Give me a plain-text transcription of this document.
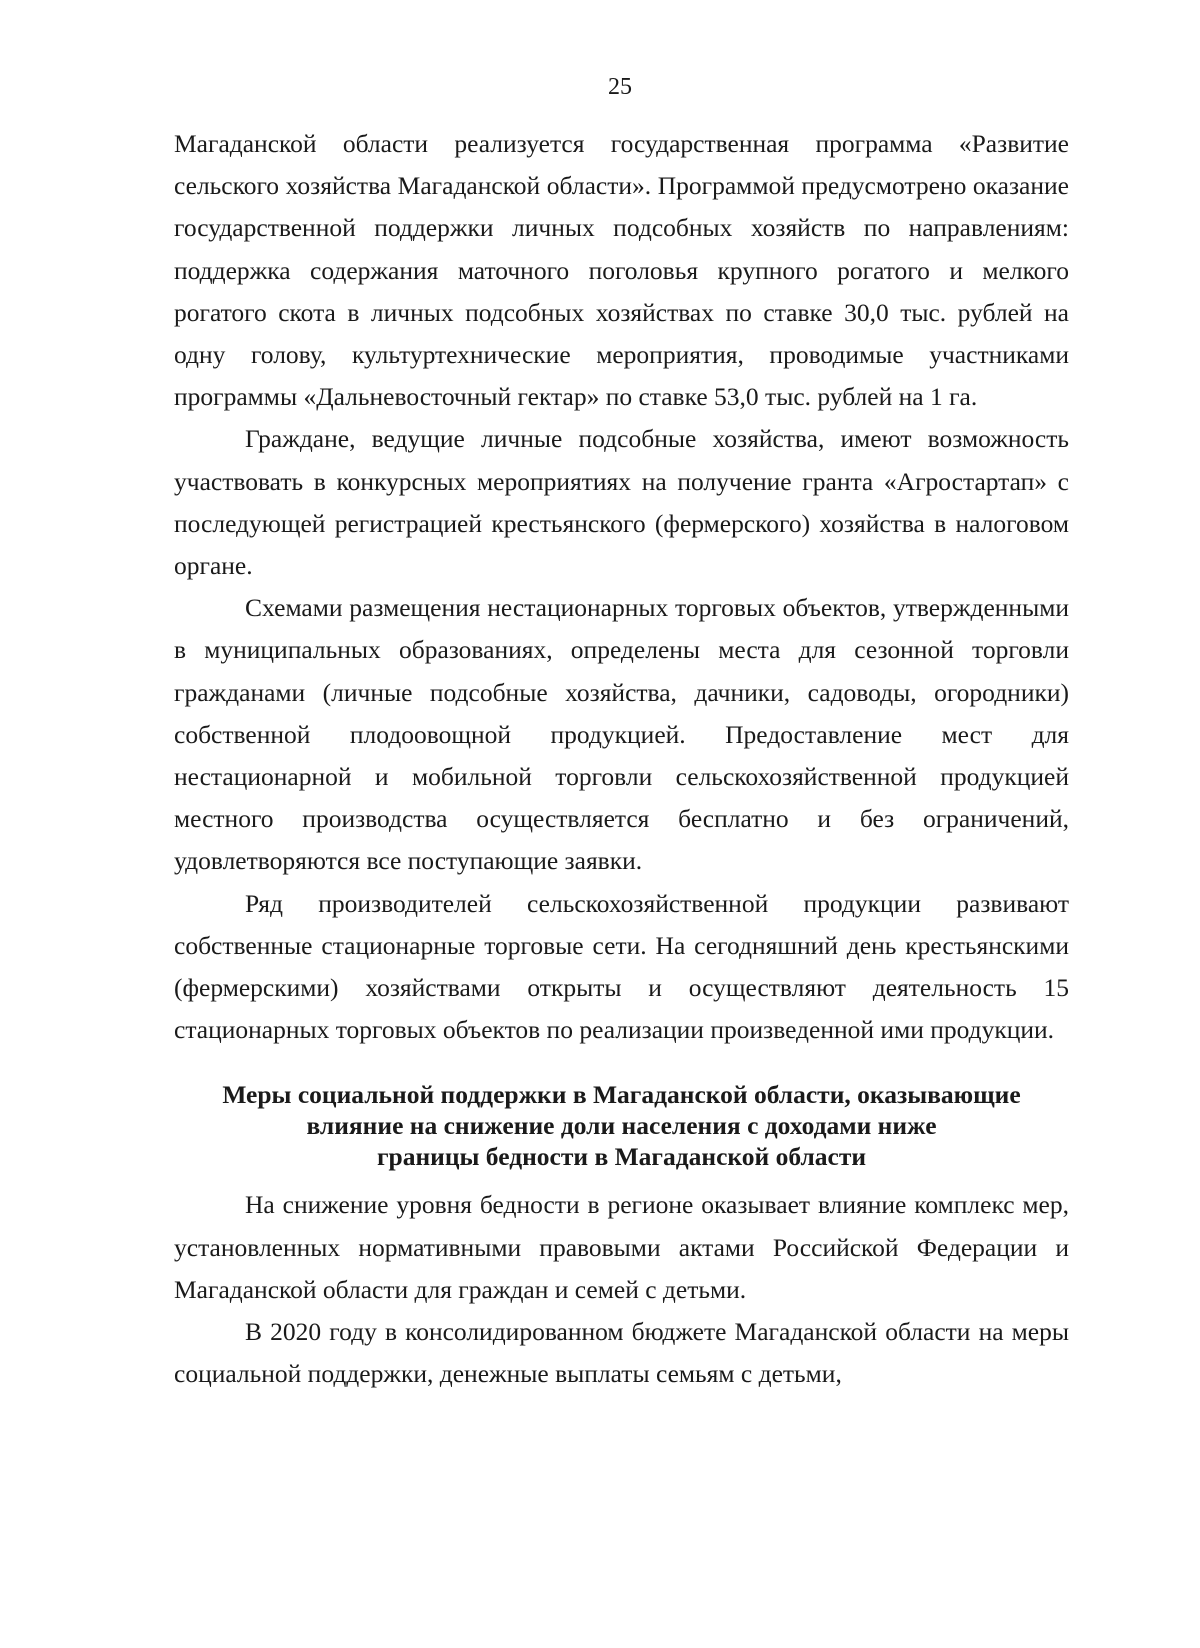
25

Магаданской области реализуется государственная программа «Развитие сельского хозяйства Магаданской области». Программой предусмотрено оказание государственной поддержки личных подсобных хозяйств по направлениям: поддержка содержания маточного поголовья крупного рогатого и мелкого рогатого скота в личных подсобных хозяйствах по ставке 30,0 тыс. рублей на одну голову, культуртехнические мероприятия, проводимые участниками программы «Дальневосточный гектар» по ставке 53,0 тыс. рублей на 1 га.

Граждане, ведущие личные подсобные хозяйства, имеют возможность участвовать в конкурсных мероприятиях на получение гранта «Агростартап» с последующей регистрацией крестьянского (фермерского) хозяйства в налоговом органе.

Схемами размещения нестационарных торговых объектов, утвержденными в муниципальных образованиях, определены места для сезонной торговли гражданами (личные подсобные хозяйства, дачники, садоводы, огородники) собственной плодоовощной продукцией. Предоставление мест для нестационарной и мобильной торговли сельскохозяйственной продукцией местного производства осуществляется бесплатно и без ограничений, удовлетворяются все поступающие заявки.

Ряд производителей сельскохозяйственной продукции развивают собственные стационарные торговые сети. На сегодняшний день крестьянскими (фермерскими) хозяйствами открыты и осуществляют деятельность 15 стационарных торговых объектов по реализации произведенной ими продукции.

Меры социальной поддержки в Магаданской области, оказывающие
влияние на снижение доли населения с доходами ниже
границы бедности в Магаданской области

На снижение уровня бедности в регионе оказывает влияние комплекс мер, установленных нормативными правовыми актами Российской Федерации и Магаданской области для граждан и семей с детьми.

В 2020 году в консолидированном бюджете Магаданской области на меры социальной поддержки, денежные выплаты семьям с детьми,
